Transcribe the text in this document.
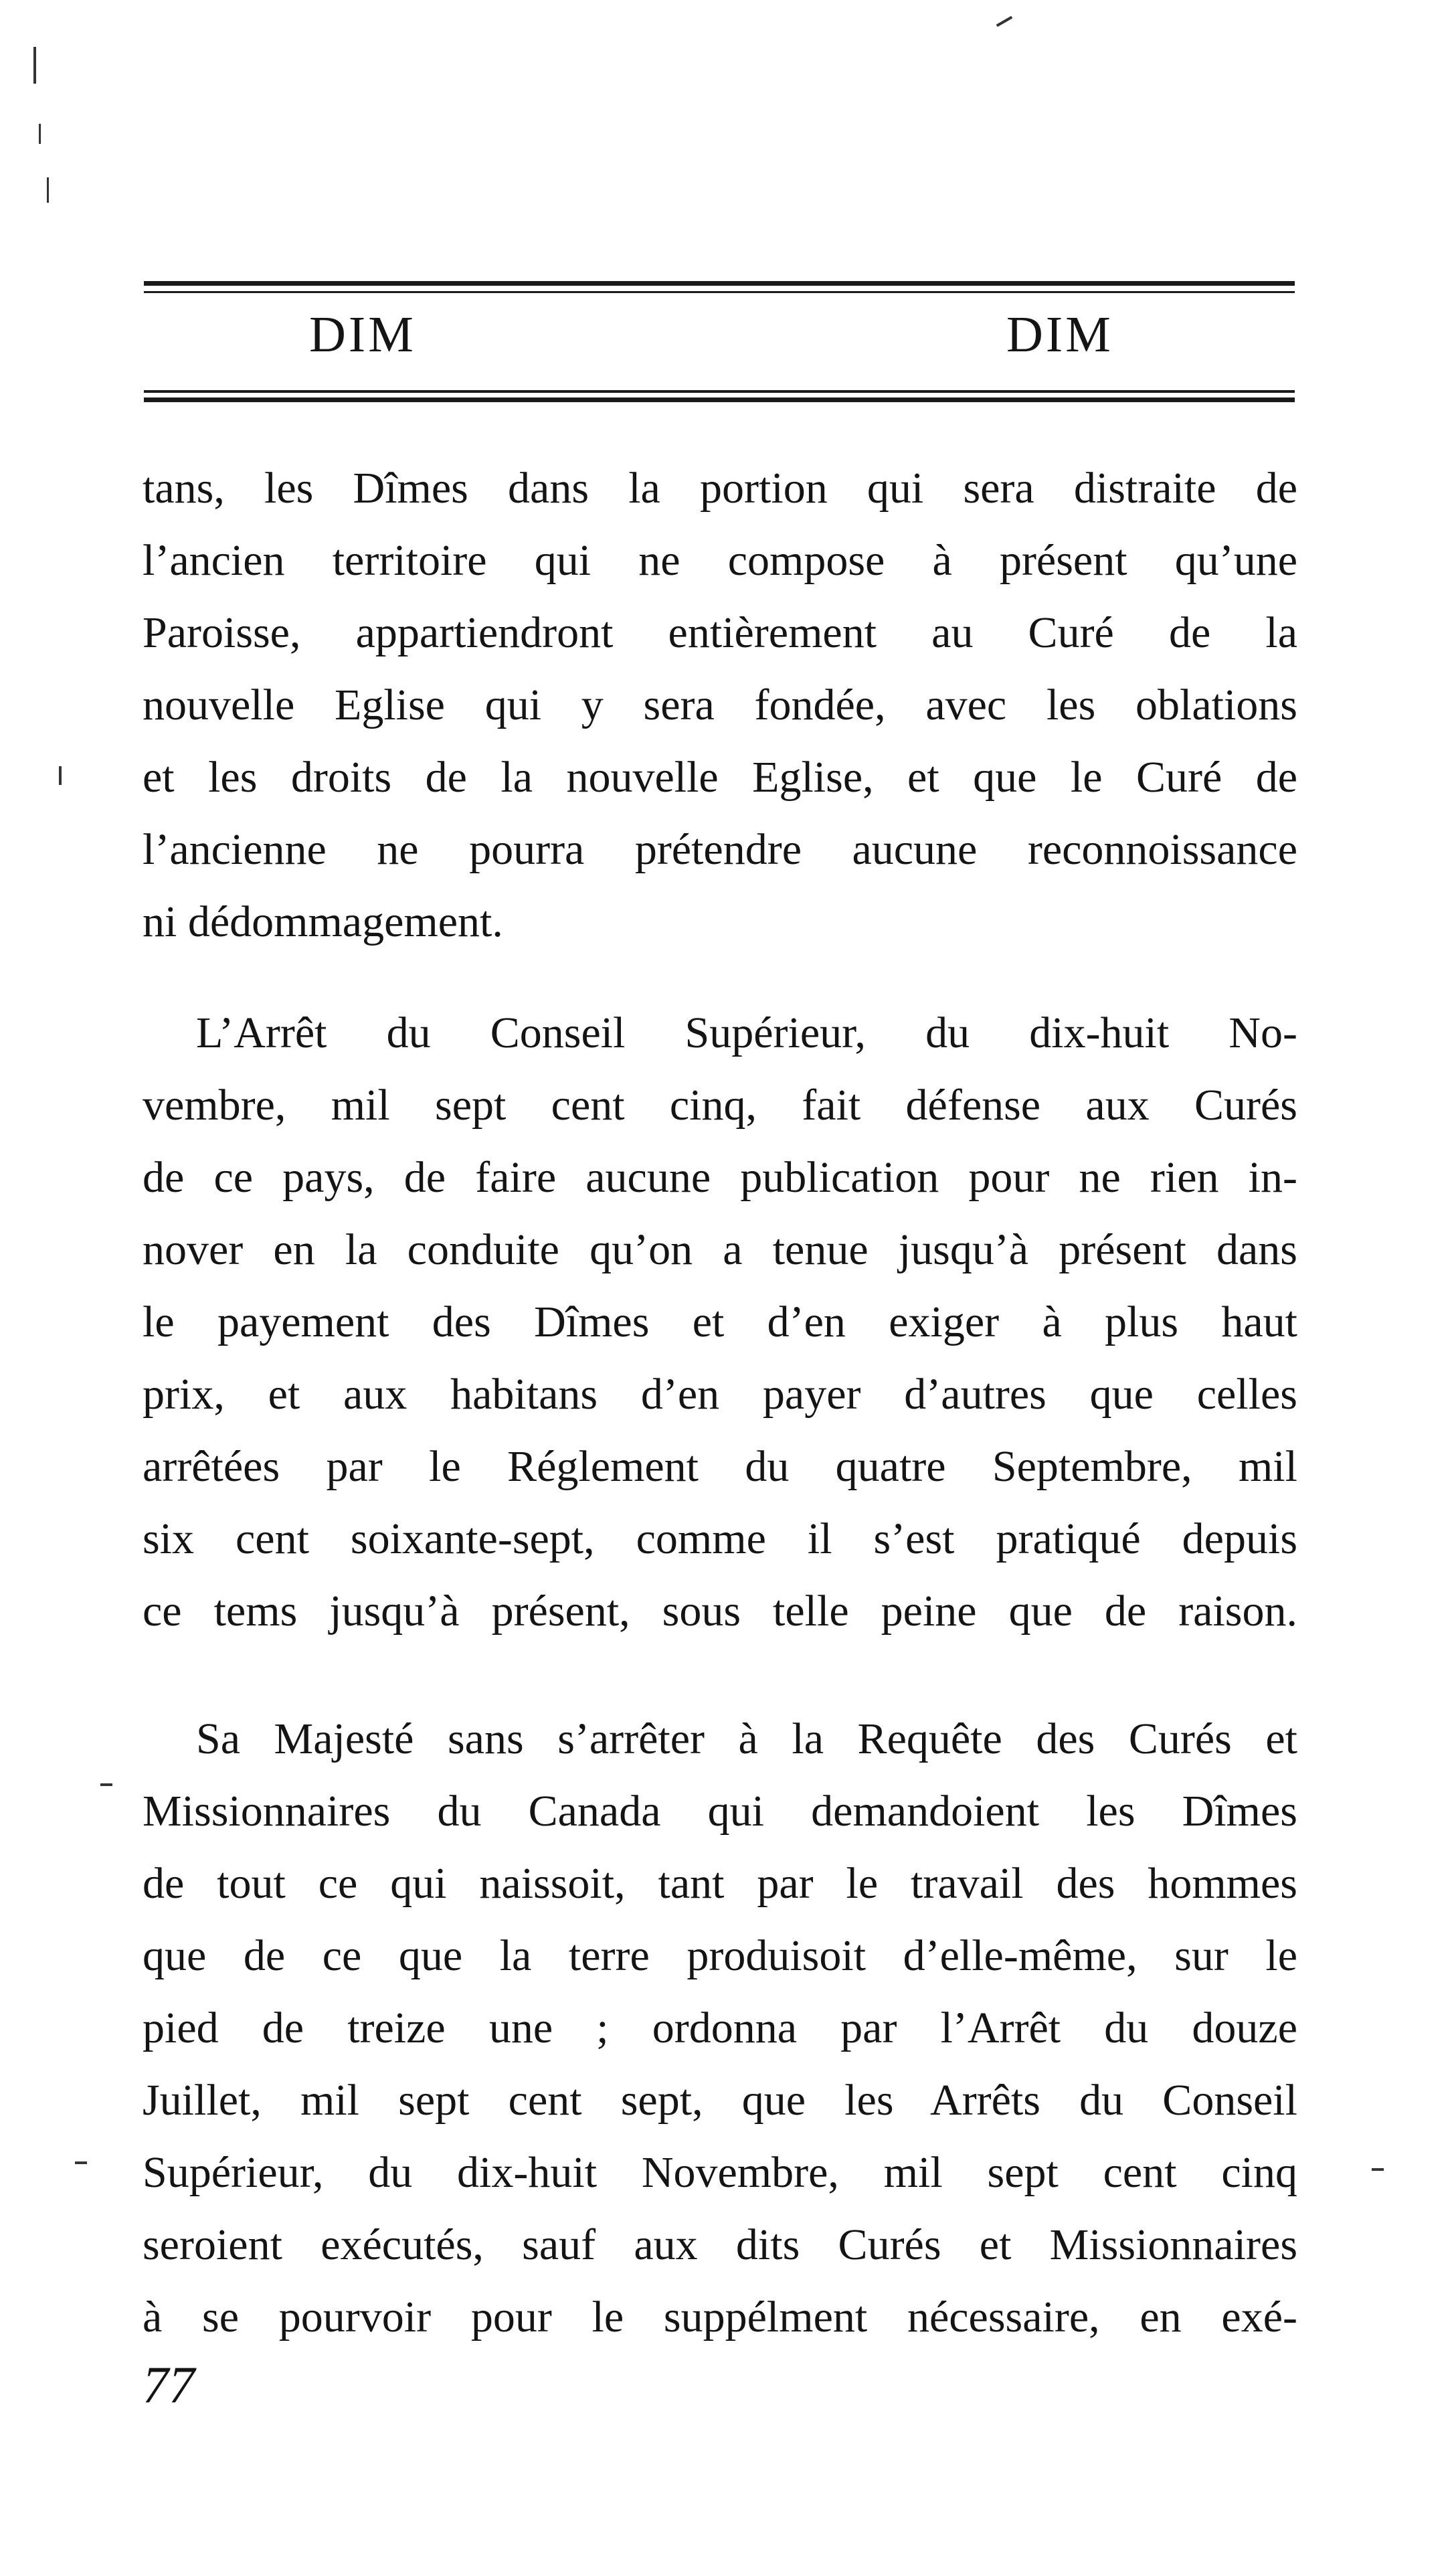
DIM	DIM
tans, les Dîmes dans la portion qui sera distraite de
l’ancien territoire qui ne compose à présent qu’une
Paroisse, appartiendront entièrement au Curé de la
nouvelle Eglise qui y sera fondée, avec les oblations
et les droits de la nouvelle Eglise, et que le Curé de
l’ancienne ne pourra prétendre aucune reconnoissance
ni dédommagement.
L’Arrêt du Conseil Supérieur, du dix-huit No-
vembre, mil sept cent cinq, fait défense aux Curés
de ce pays, de faire aucune publication pour ne rien in-
nover en la conduite qu’on a tenue jusqu’à présent dans
le payement des Dîmes et d’en exiger à plus haut
prix, et aux habitans d’en payer d’autres que celles
arrêtées par le Réglement du quatre Septembre, mil
six cent soixante-sept, comme il s’est pratiqué depuis
ce tems jusqu’à présent, sous telle peine que de raison.
Sa Majesté sans s’arrêter à la Requête des Curés et
Missionnaires du Canada qui demandoient les Dîmes
de tout ce qui naissoit, tant par le travail des hommes
que de ce que la terre produisoit d’elle-même, sur le
pied de treize une ; ordonna par l’Arrêt du douze
Juillet, mil sept cent sept, que les Arrêts du Conseil
Supérieur, du dix-huit Novembre, mil sept cent cinq
seroient exécutés, sauf aux dits Curés et Missionnaires
à se pourvoir pour le suppélment nécessaire, en exé-
77
